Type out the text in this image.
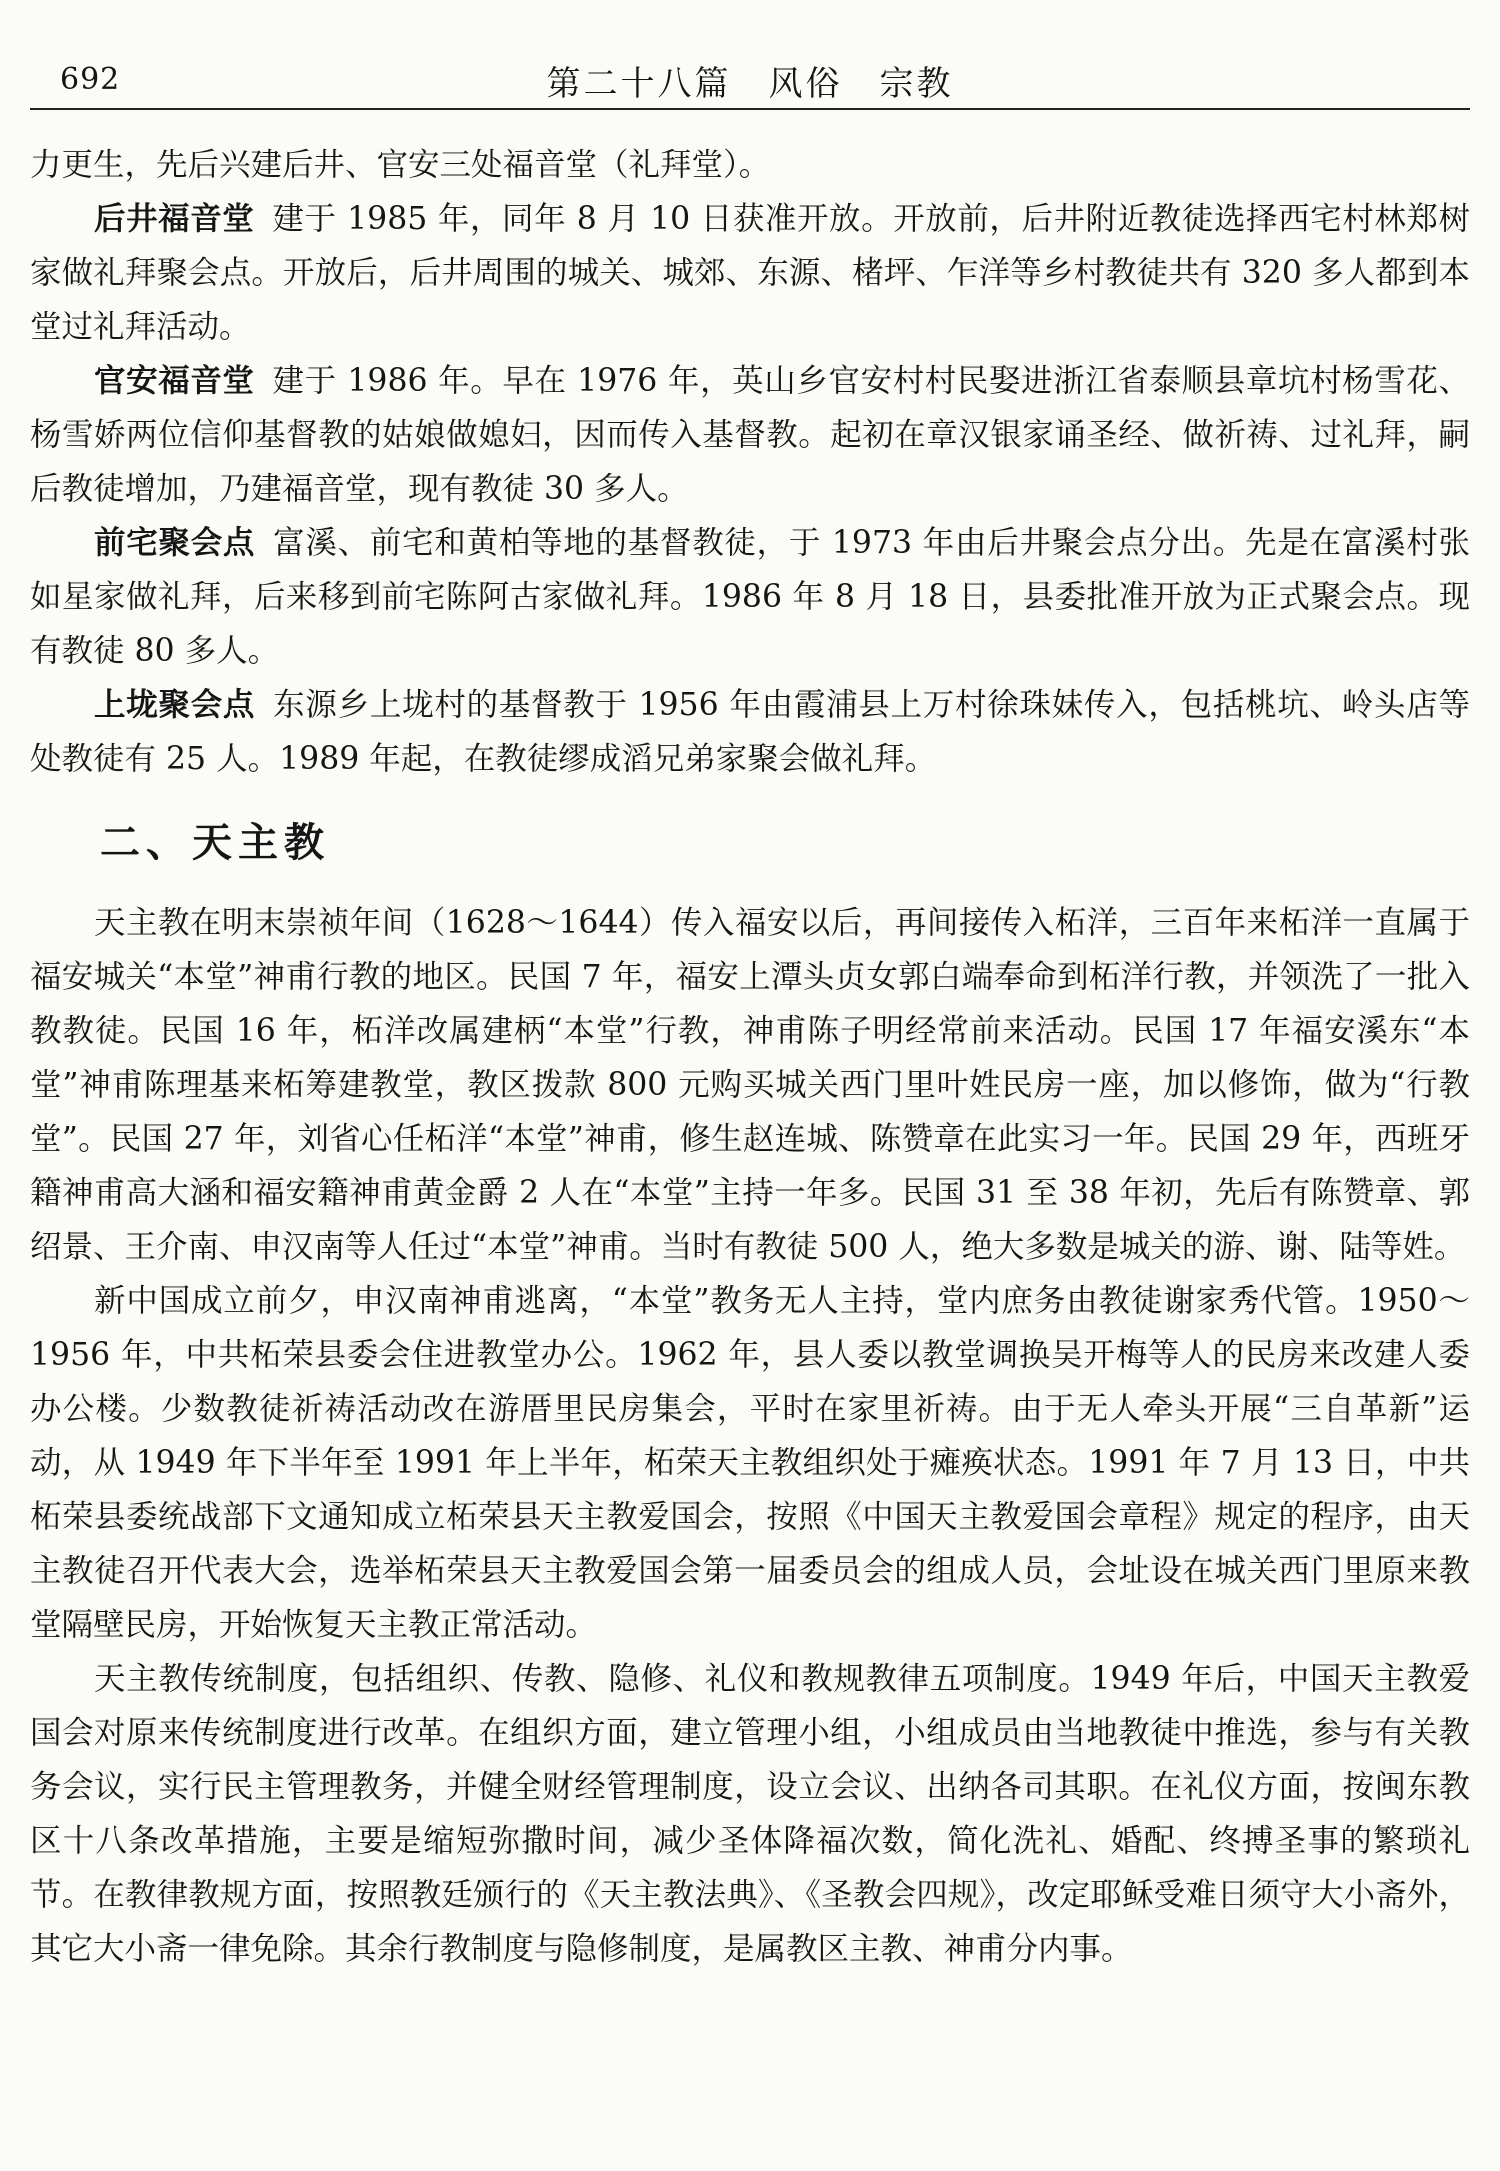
692	第二十八篇　风俗　宗教

力更生，先后兴建后井、官安三处福音堂（礼拜堂）。

后井福音堂 建于 1985 年，同年 8 月 10 日获准开放。开放前，后井附近教徒选择西宅村林郑树家做礼拜聚会点。开放后，后井周围的城关、城郊、东源、楮坪、乍洋等乡村教徒共有 320 多人都到本堂过礼拜活动。

官安福音堂 建于 1986 年。早在 1976 年，英山乡官安村村民娶进浙江省泰顺县章坑村杨雪花、杨雪娇两位信仰基督教的姑娘做媳妇，因而传入基督教。起初在章汉银家诵圣经、做祈祷、过礼拜，嗣后教徒增加，乃建福音堂，现有教徒 30 多人。

前宅聚会点 富溪、前宅和黄柏等地的基督教徒，于 1973 年由后井聚会点分出。先是在富溪村张如星家做礼拜，后来移到前宅陈阿古家做礼拜。1986 年 8 月 18 日，县委批准开放为正式聚会点。现有教徒 80 多人。

上垅聚会点 东源乡上垅村的基督教于 1956 年由霞浦县上万村徐珠妹传入，包括桃坑、岭头店等处教徒有 25 人。1989 年起，在教徒缪成滔兄弟家聚会做礼拜。

二、天主教

天主教在明末崇祯年间（1628～1644）传入福安以后，再间接传入柘洋，三百年来柘洋一直属于福安城关“本堂”神甫行教的地区。民国 7 年，福安上潭头贞女郭白端奉命到柘洋行教，并领洗了一批入教教徒。民国 16 年，柘洋改属建柄“本堂”行教，神甫陈子明经常前来活动。民国 17 年福安溪东“本堂”神甫陈理基来柘筹建教堂，教区拨款 800 元购买城关西门里叶姓民房一座，加以修饰，做为“行教堂”。民国 27 年，刘省心任柘洋“本堂”神甫，修生赵连城、陈赞章在此实习一年。民国 29 年，西班牙籍神甫高大涵和福安籍神甫黄金爵 2 人在“本堂”主持一年多。民国 31 至 38 年初，先后有陈赞章、郭绍景、王介南、申汉南等人任过“本堂”神甫。当时有教徒 500 人，绝大多数是城关的游、谢、陆等姓。

新中国成立前夕，申汉南神甫逃离，“本堂”教务无人主持，堂内庶务由教徒谢家秀代管。1950～1956 年，中共柘荣县委会住进教堂办公。1962 年，县人委以教堂调换吴开梅等人的民房来改建人委办公楼。少数教徒祈祷活动改在游厝里民房集会，平时在家里祈祷。由于无人牵头开展“三自革新”运动，从 1949 年下半年至 1991 年上半年，柘荣天主教组织处于瘫痪状态。1991 年 7 月 13 日，中共柘荣县委统战部下文通知成立柘荣县天主教爱国会，按照《中国天主教爱国会章程》规定的程序，由天主教徒召开代表大会，选举柘荣县天主教爱国会第一届委员会的组成人员，会址设在城关西门里原来教堂隔壁民房，开始恢复天主教正常活动。

天主教传统制度，包括组织、传教、隐修、礼仪和教规教律五项制度。1949 年后，中国天主教爱国会对原来传统制度进行改革。在组织方面，建立管理小组，小组成员由当地教徒中推选，参与有关教务会议，实行民主管理教务，并健全财经管理制度，设立会议、出纳各司其职。在礼仪方面，按闽东教区十八条改革措施，主要是缩短弥撒时间，减少圣体降福次数，简化洗礼、婚配、终搏圣事的繁琐礼节。在教律教规方面，按照教廷颁行的《天主教法典》、《圣教会四规》，改定耶稣受难日须守大小斋外，其它大小斋一律免除。其余行教制度与隐修制度，是属教区主教、神甫分内事。
